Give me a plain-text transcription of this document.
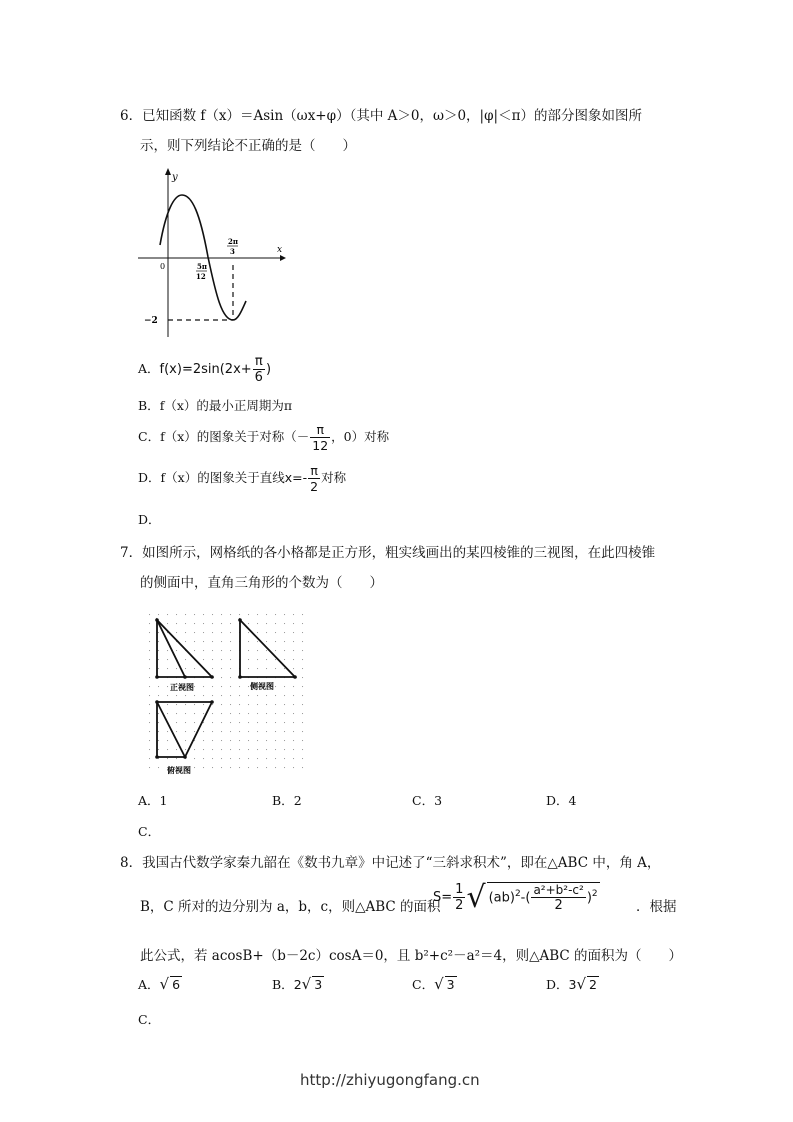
6．已知函数 f（x）＝Asin（ωx+φ）（其中 A＞0，ω＞0，|φ|＜π）的部分图象如图所
示，则下列结论不正确的是（　　）
y
x
0	5π
12
2π
3
−2
A．$f(x)=2\sin(2x+ \frac{\pi}{6}$ )
B．f（x）的最小正周期为π
C．f（x）的图象关于对称（－ $\frac{\pi}{12}$ ，0）对称
D．f（x）的图象关于直线$x=- \frac{\pi}{2}$ 对称
D．
7．如图所示，网格纸的各小格都是正方形，粗实线画出的某四棱锥的三视图，在此四棱锥
的侧面中，直角三角形的个数为（　　）
正视图	侧视图
俯视图
A．1	B．2	C．3	D．4
C．
8．我国古代数学家秦九韶在《数书九章》中记述了“三斜求积术”，即在△ABC 中，角 A，
B，C 所对的边分别为 a，b，c，则△ABC 的面积
$S= \frac{1}{2}$ √ $(ab)^2-( \frac{\text{a²+b²-c²}}{2} )^2$
．根据
此公式，若 acosB+（b－2c）cosA＝0，且 b²+c²－a²＝4，则△ABC 的面积为（　　）
A．√ 6	B．2√ 3	C．√ 3	D．3√ 2
C．
http://zhiyugongfang.cn
